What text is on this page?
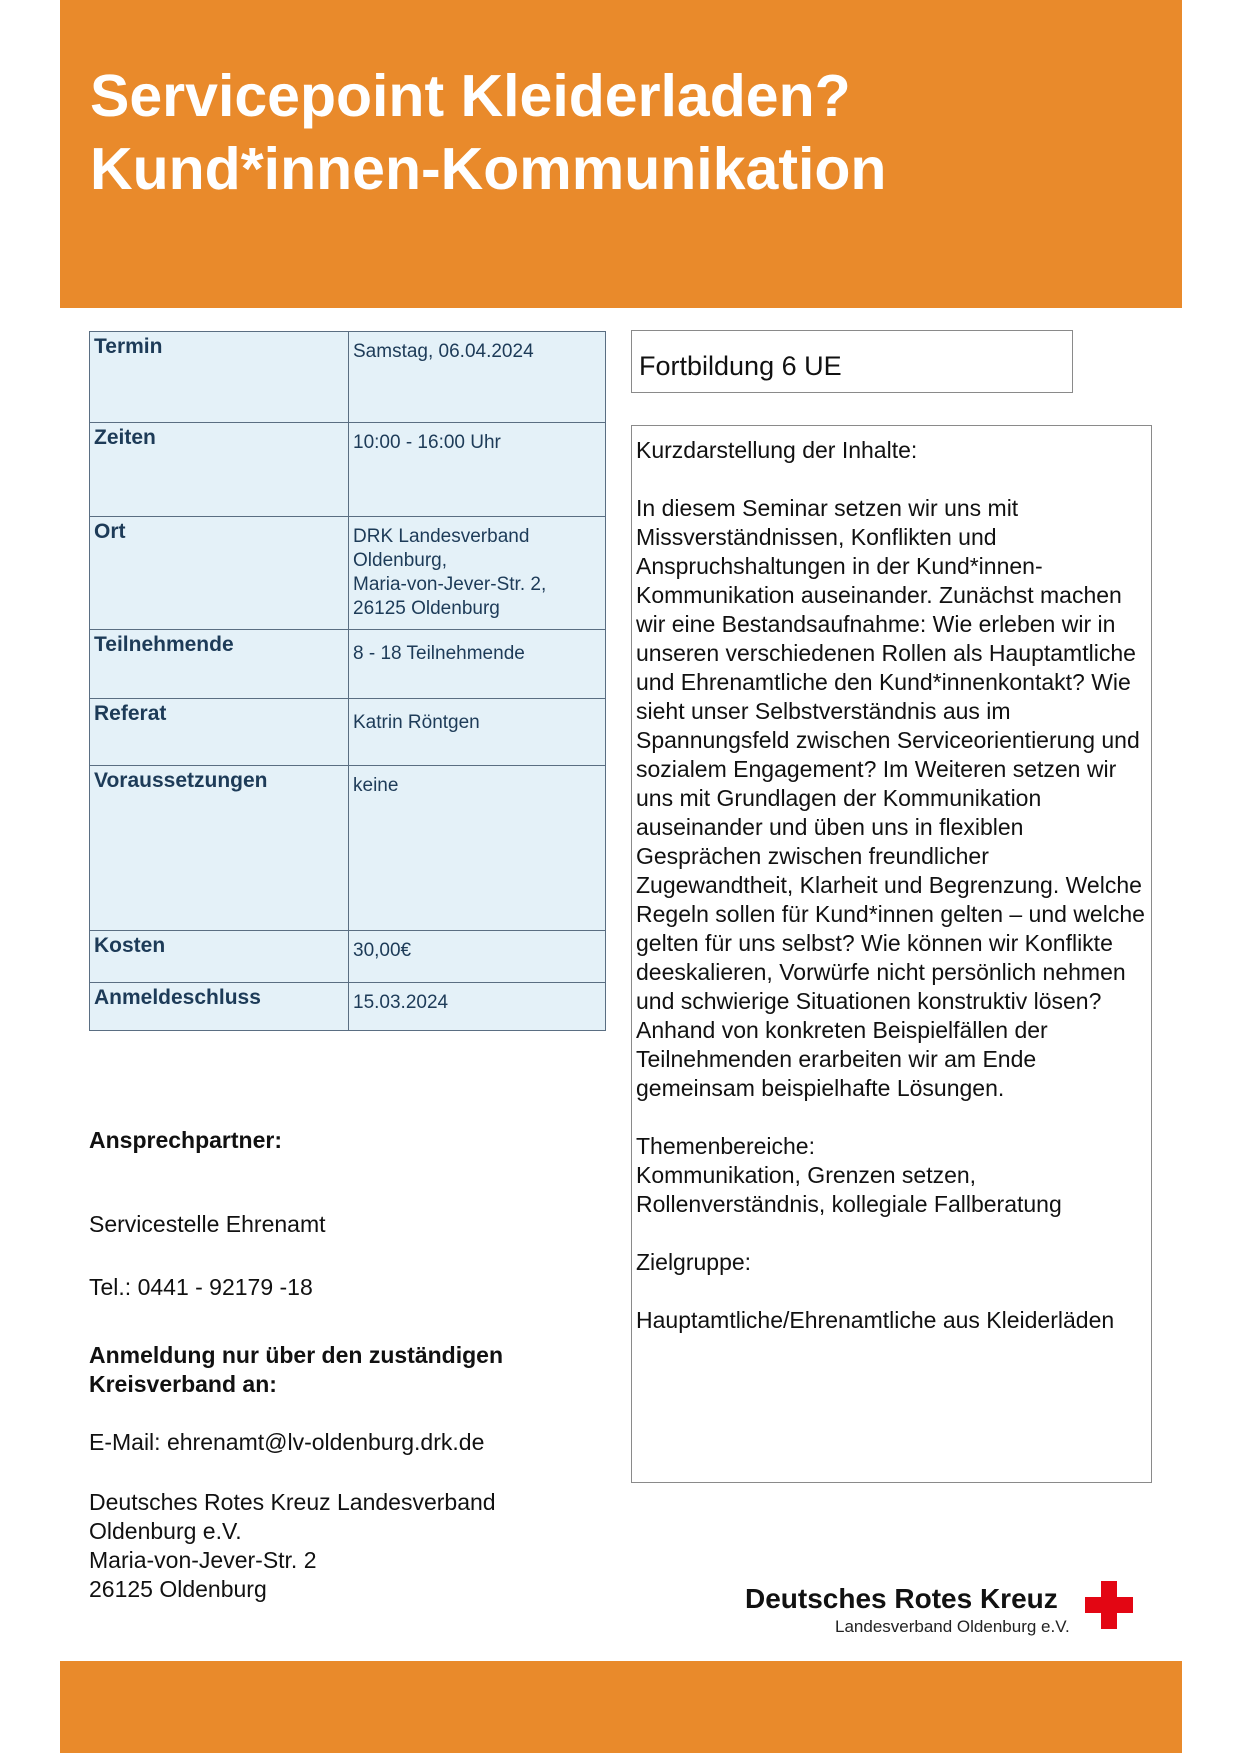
Servicepoint Kleiderladen?
Kund*innen-Kommunikation
Termin	Samstag, 06.04.2024

Zeiten	10:00 - 16:00 Uhr

Ort	DRK Landesverband
Oldenburg,
Maria-von-Jever-Str. 2,
26125 Oldenburg

Teilnehmende	8 - 18 Teilnehmende

Referat	Katrin Röntgen

Voraussetzungen	keine

Kosten	30,00€

Anmeldeschluss	15.03.2024
Fortbildung 6 UE

Kurzdarstellung der Inhalte:

In diesem Seminar setzen wir uns mit Missverständnissen, Konflikten und Anspruchshaltungen in der Kund*innen-Kommunikation auseinander. Zunächst machen wir eine Bestandsaufnahme: Wie erleben wir in unseren verschiedenen Rollen als Hauptamtliche und Ehrenamtliche den Kund*innenkontakt? Wie sieht unser Selbstverständnis aus im Spannungsfeld zwischen Serviceorientierung und sozialem Engagement? Im Weiteren setzen wir uns mit Grundlagen der Kommunikation auseinander und üben uns in flexiblen Gesprächen zwischen freundlicher Zugewandtheit, Klarheit und Begrenzung. Welche Regeln sollen für Kund*innen gelten – und welche gelten für uns selbst? Wie können wir Konflikte deeskalieren, Vorwürfe nicht persönlich nehmen und schwierige Situationen konstruktiv lösen? Anhand von konkreten Beispielfällen der Teilnehmenden erarbeiten wir am Ende gemeinsam beispielhafte Lösungen.

Themenbereiche:
Kommunikation, Grenzen setzen, Rollenverständnis, kollegiale Fallberatung

Zielgruppe:

Hauptamtliche/Ehrenamtliche aus Kleiderläden

Ansprechpartner:
Servicestelle Ehrenamt
Tel.: 0441 - 92179 -18
Anmeldung nur über den zuständigen Kreisverband an:
E-Mail: ehrenamt@lv-oldenburg.drk.de
Deutsches Rotes Kreuz Landesverband
Oldenburg e.V.
Maria-von-Jever-Str. 2
26125 Oldenburg	Deutsches Rotes Kreuz
Landesverband Oldenburg e.V.
